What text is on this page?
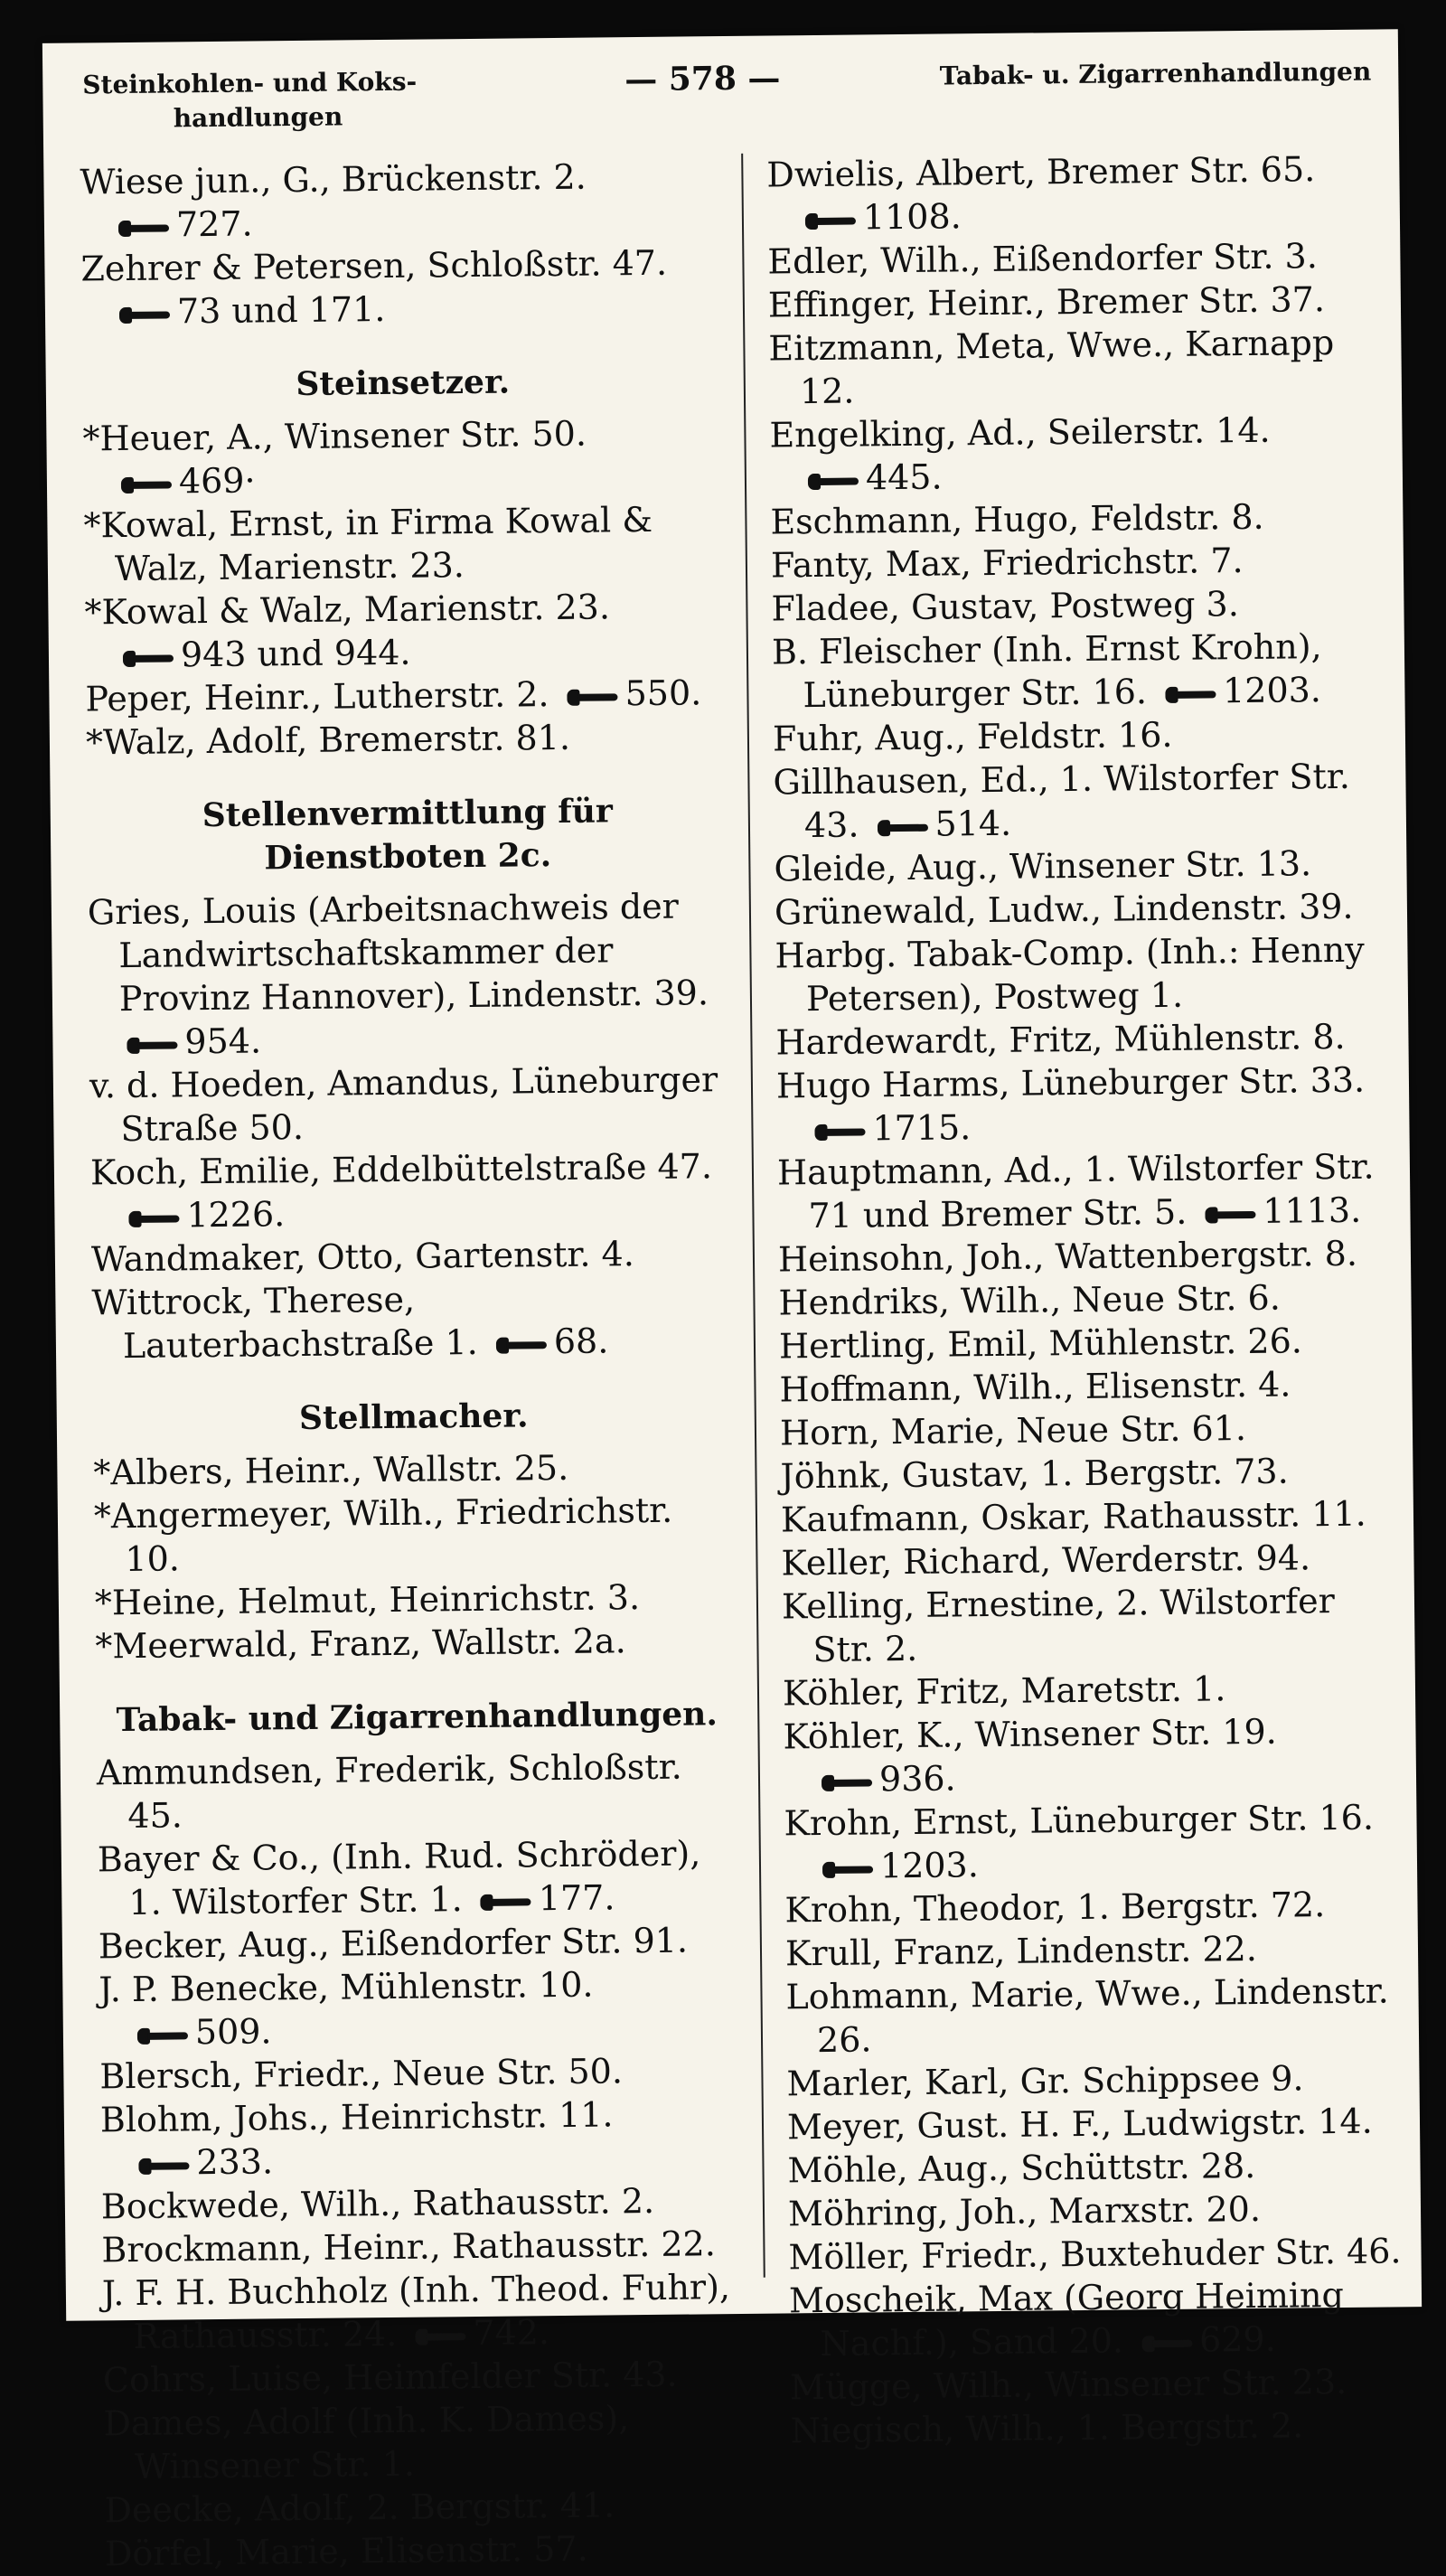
Steinkohlen- und Koks-
handlungen
— 578 —	Tabak- u. Zigarrenhandlungen

Wiese jun., G., Brückenstr. 2. 727.

Zehrer & Petersen, Schloßstr. 47. 73 und 171.

Steinsetzer.

*Heuer, A., Winsener Str. 50. 469·

*Kowal, Ernst, in Firma Kowal & Walz, Marienstr. 23.

*Kowal & Walz, Marienstr. 23. 943 und 944.

Peper, Heinr., Lutherstr. 2. 550.

*Walz, Adolf, Bremerstr. 81.

Stellenvermittlung für Dienstboten 2c.

Gries, Louis (Arbeitsnachweis der Landwirtschaftskammer der Provinz Hannover), Lindenstr. 39. 954.

v. d. Hoeden, Amandus, Lüneburger Straße 50.

Koch, Emilie, Eddelbüttelstraße 47. 1226.

Wandmaker, Otto, Gartenstr. 4.

Wittrock, Therese, Lauterbachstraße 1. 68.

Stellmacher.

*Albers, Heinr., Wallstr. 25.

*Angermeyer, Wilh., Friedrichstr. 10.

*Heine, Helmut, Heinrichstr. 3.

*Meerwald, Franz, Wallstr. 2a.

Tabak- und Zigarrenhandlungen.

Ammundsen, Frederik, Schloßstr. 45.

Bayer & Co., (Inh. Rud. Schröder), 1. Wilstorfer Str. 1. 177.

Becker, Aug., Eißendorfer Str. 91.

J. P. Benecke, Mühlenstr. 10. 509.

Blersch, Friedr., Neue Str. 50.

Blohm, Johs., Heinrichstr. 11. 233.

Bockwede, Wilh., Rathausstr. 2.

Brockmann, Heinr., Rathausstr. 22.

J. F. H. Buchholz (Inh. Theod. Fuhr), Rathausstr. 24. 742.

Cohrs, Luise, Heimfelder Str. 43.

Dames, Adolf (Inh. K. Dames), Winsener Str. 1.

Deecke, Adolf, 2. Bergstr. 41.

Dörfel, Marie, Elisenstr. 57.

Dwielis, Albert, Bremer Str. 65. 1108.

Edler, Wilh., Eißendorfer Str. 3.

Effinger, Heinr., Bremer Str. 37.

Eitzmann, Meta, Wwe., Karnapp 12.

Engelking, Ad., Seilerstr. 14. 445.

Eschmann, Hugo, Feldstr. 8.

Fanty, Max, Friedrichstr. 7.

Fladee, Gustav, Postweg 3.

B. Fleischer (Inh. Ernst Krohn), Lüneburger Str. 16. 1203.

Fuhr, Aug., Feldstr. 16.

Gillhausen, Ed., 1. Wilstorfer Str. 43. 514.

Gleide, Aug., Winsener Str. 13.

Grünewald, Ludw., Lindenstr. 39.

Harbg. Tabak-Comp. (Inh.: Henny Petersen), Postweg 1.

Hardewardt, Fritz, Mühlenstr. 8.

Hugo Harms, Lüneburger Str. 33. 1715.

Hauptmann, Ad., 1. Wilstorfer Str. 71 und Bremer Str. 5. 1113.

Heinsohn, Joh., Wattenbergstr. 8.

Hendriks, Wilh., Neue Str. 6.

Hertling, Emil, Mühlenstr. 26.

Hoffmann, Wilh., Elisenstr. 4.

Horn, Marie, Neue Str. 61.

Jöhnk, Gustav, 1. Bergstr. 73.

Kaufmann, Oskar, Rathausstr. 11.

Keller, Richard, Werderstr. 94.

Kelling, Ernestine, 2. Wilstorfer Str. 2.

Köhler, Fritz, Maretstr. 1.

Köhler, K., Winsener Str. 19. 936.

Krohn, Ernst, Lüneburger Str. 16. 1203.

Krohn, Theodor, 1. Bergstr. 72.

Krull, Franz, Lindenstr. 22.

Lohmann, Marie, Wwe., Lindenstr. 26.

Marler, Karl, Gr. Schippsee 9.

Meyer, Gust. H. F., Ludwigstr. 14.

Möhle, Aug., Schüttstr. 28.

Möhring, Joh., Marxstr. 20.

Möller, Friedr., Buxtehuder Str. 46.

Moscheik, Max (Georg Heiming Nachf.), Sand 20. 629.

Mügge, Wilh., Winsener Str. 23.

Niegisch, Wilh., 1. Bergstr. 2.
